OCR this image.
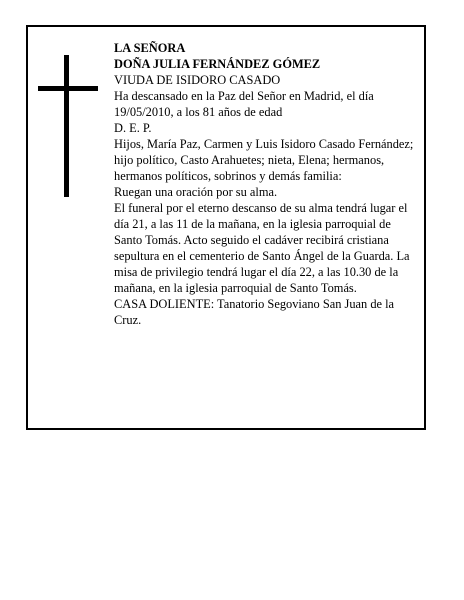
LA SEÑORA

DOÑA JULIA FERNÁNDEZ GÓMEZ

VIUDA DE ISIDORO CASADO

Ha descansado en la Paz del Señor en Madrid, el día 19/05/2010, a los 81 años de edad

D. E. P.

Hijos, María Paz, Carmen y Luis Isidoro Casado Fernández; hijo político, Casto Arahuetes; nieta, Elena; hermanos, hermanos políticos, sobrinos y demás familia:

Ruegan una oración por su alma.

El funeral por el eterno descanso de su alma tendrá lugar el día 21, a las 11 de la mañana, en la iglesia parroquial de Santo Tomás. Acto seguido el cadáver recibirá cristiana sepultura en el cementerio de Santo Ángel de la Guarda. La misa de privilegio tendrá lugar el día 22, a las 10.30 de la mañana, en la iglesia parroquial de Santo Tomás.

CASA DOLIENTE: Tanatorio Segoviano San Juan de la Cruz.
